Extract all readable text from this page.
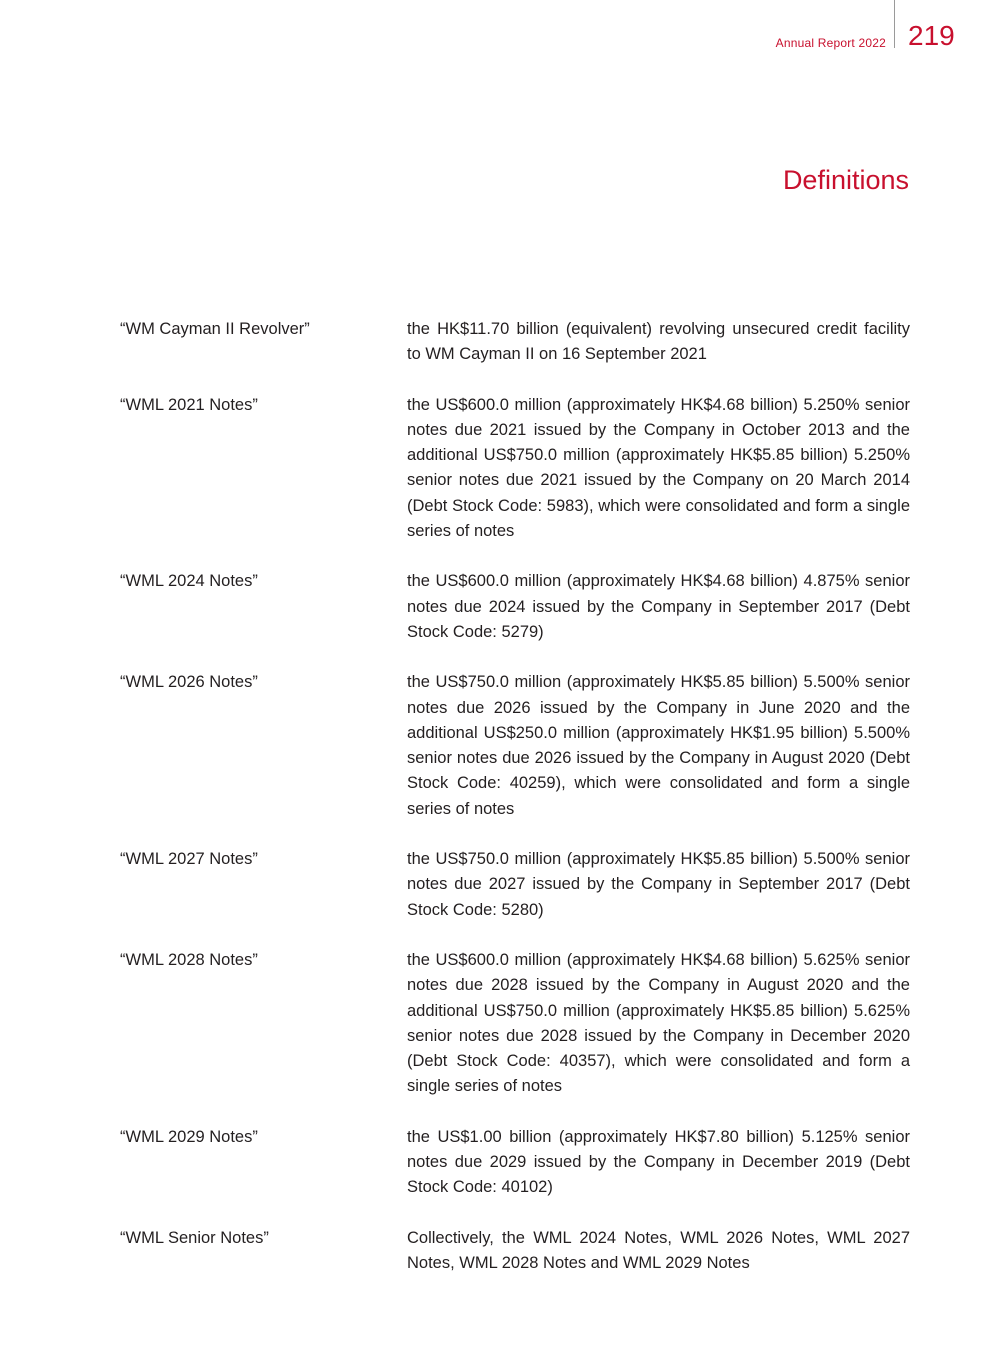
Annual Report 2022 219
Definitions
“WM Cayman II Revolver”	the HK$11.70 billion (equivalent) revolving unsecured credit facility to WM Cayman II on 16 September 2021
“WML 2021 Notes”	the US$600.0 million (approximately HK$4.68 billion) 5.250% senior notes due 2021 issued by the Company in October 2013 and the additional US$750.0 million (approximately HK$5.85 billion) 5.250% senior notes due 2021 issued by the Company on 20 March 2014 (Debt Stock Code: 5983), which were consolidated and form a single series of notes
“WML 2024 Notes”	the US$600.0 million (approximately HK$4.68 billion) 4.875% senior notes due 2024 issued by the Company in September 2017 (Debt Stock Code: 5279)
“WML 2026 Notes”	the US$750.0 million (approximately HK$5.85 billion) 5.500% senior notes due 2026 issued by the Company in June 2020 and the additional US$250.0 million (approximately HK$1.95 billion) 5.500% senior notes due 2026 issued by the Company in August 2020 (Debt Stock Code: 40259), which were consolidated and form a single series of notes
“WML 2027 Notes”	the US$750.0 million (approximately HK$5.85 billion) 5.500% senior notes due 2027 issued by the Company in September 2017 (Debt Stock Code: 5280)
“WML 2028 Notes”	the US$600.0 million (approximately HK$4.68 billion) 5.625% senior notes due 2028 issued by the Company in August 2020 and the additional US$750.0 million (approximately HK$5.85 billion) 5.625% senior notes due 2028 issued by the Company in December 2020 (Debt Stock Code: 40357), which were consolidated and form a single series of notes
“WML 2029 Notes”	the US$1.00 billion (approximately HK$7.80 billion) 5.125% senior notes due 2029 issued by the Company in December 2019 (Debt Stock Code: 40102)
“WML Senior Notes”	Collectively, the WML 2024 Notes, WML 2026 Notes, WML 2027 Notes, WML 2028 Notes and WML 2029 Notes
